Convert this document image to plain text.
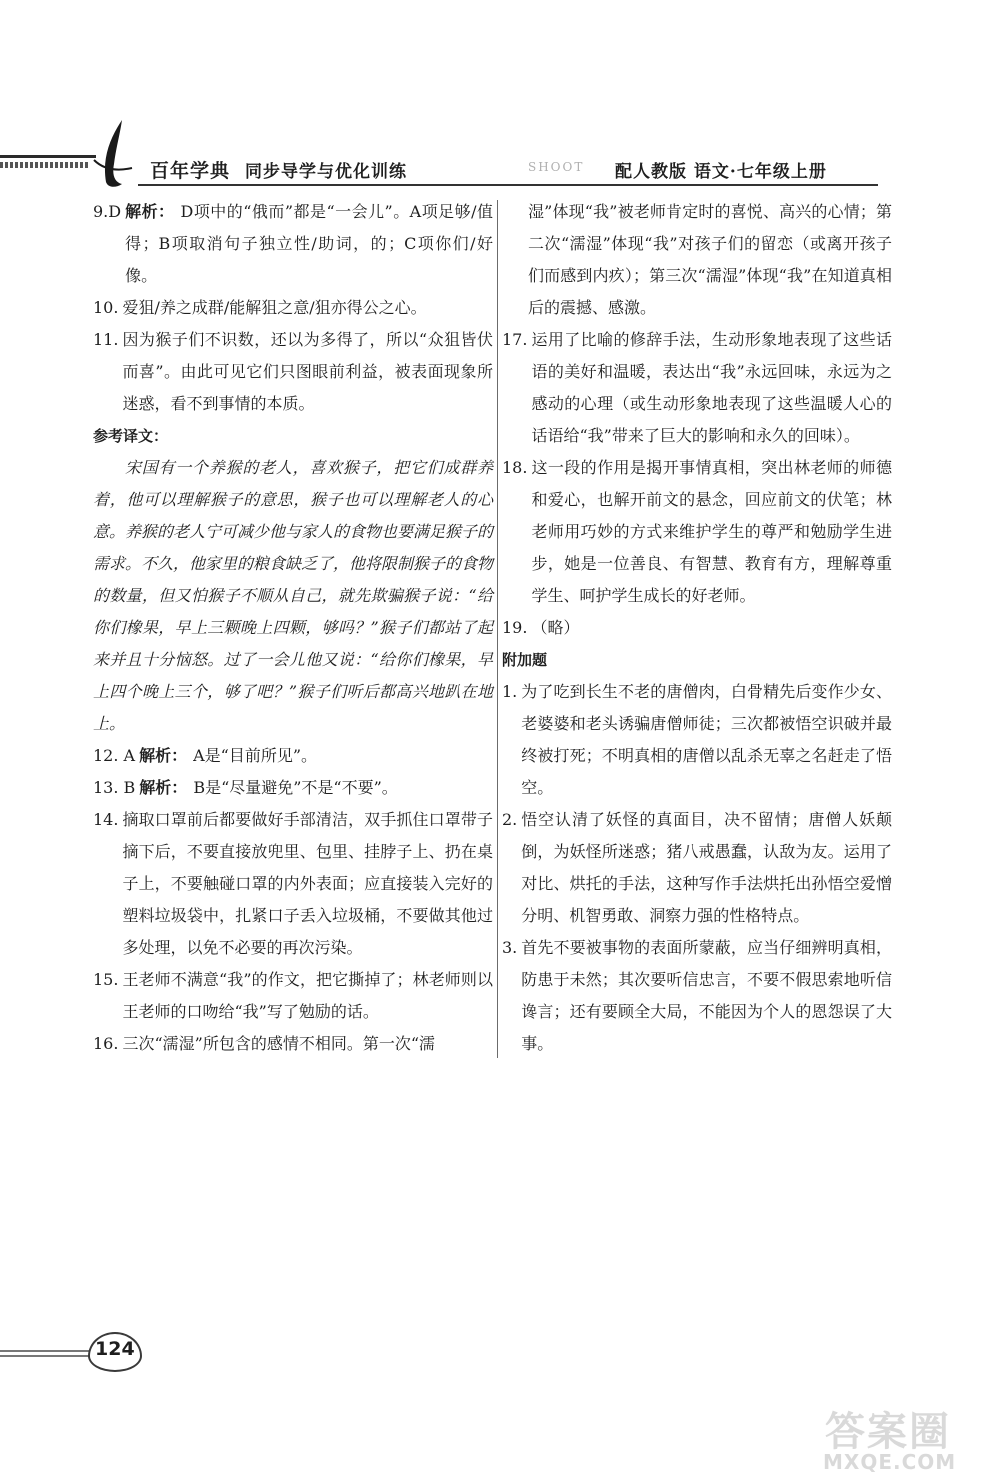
百年学典 同步导学与优化训练	SHOOT 配人教版 语文·七年级上册
9.D 解析： D项中的“俄而”都是“一会儿”。A项足够/值得；B项取消句子独立性/助词，的；C项你们/好像。
10. 爱狙/养之成群/能解狙之意/狙亦得公之心。
11. 因为猴子们不识数，还以为多得了，所以“众狙皆伏而喜”。由此可见它们只图眼前利益，被表面现象所迷惑，看不到事情的本质。
参考译文：
宋国有一个养猴的老人，喜欢猴子，把它们成群养着，他可以理解猴子的意思，猴子也可以理解老人的心意。养猴的老人宁可减少他与家人的食物也要满足猴子的需求。不久，他家里的粮食缺乏了，他将限制猴子的食物的数量，但又怕猴子不顺从自己，就先欺骗猴子说：“给你们橡果，早上三颗晚上四颗，够吗？”猴子们都站了起来并且十分恼怒。过了一会儿他又说：“给你们橡果，早上四个晚上三个，够了吧？”猴子们听后都高兴地趴在地上。
12. A 解析： A是“目前所见”。
13. B 解析： B是“尽量避免”不是“不要”。
14. 摘取口罩前后都要做好手部清洁，双手抓住口罩带子摘下后，不要直接放兜里、包里、挂脖子上、扔在桌子上，不要触碰口罩的内外表面；应直接装入完好的塑料垃圾袋中，扎紧口子丢入垃圾桶，不要做其他过多处理，以免不必要的再次污染。
15. 王老师不满意“我”的作文，把它撕掉了；林老师则以王老师的口吻给“我”写了勉励的话。
16. 三次“濡湿”所包含的感情不相同。第一次“濡
湿”体现“我”被老师肯定时的喜悦、高兴的心情；第二次“濡湿”体现“我”对孩子们的留恋（或离开孩子们而感到内疚）；第三次“濡湿”体现“我”在知道真相后的震撼、感激。
17. 运用了比喻的修辞手法，生动形象地表现了这些话语的美好和温暖，表达出“我”永远回味，永远为之感动的心理（或生动形象地表现了这些温暖人心的话语给“我”带来了巨大的影响和永久的回味）。
18. 这一段的作用是揭开事情真相，突出林老师的师德和爱心，也解开前文的悬念，回应前文的伏笔；林老师用巧妙的方式来维护学生的尊严和勉励学生进步，她是一位善良、有智慧、教育有方，理解尊重学生、呵护学生成长的好老师。
19. （略）
附加题
1. 为了吃到长生不老的唐僧肉，白骨精先后变作少女、老婆婆和老头诱骗唐僧师徒；三次都被悟空识破并最终被打死；不明真相的唐僧以乱杀无辜之名赶走了悟空。
2. 悟空认清了妖怪的真面目，决不留情；唐僧人妖颠倒，为妖怪所迷惑；猪八戒愚蠢，认敌为友。运用了对比、烘托的手法，这种写作手法烘托出孙悟空爱憎分明、机智勇敢、洞察力强的性格特点。
3. 首先不要被事物的表面所蒙蔽，应当仔细辨明真相，防患于未然；其次要听信忠言，不要不假思索地听信谗言；还有要顾全大局，不能因为个人的恩怨误了大事。
124
答案圈
MXQE.COM
